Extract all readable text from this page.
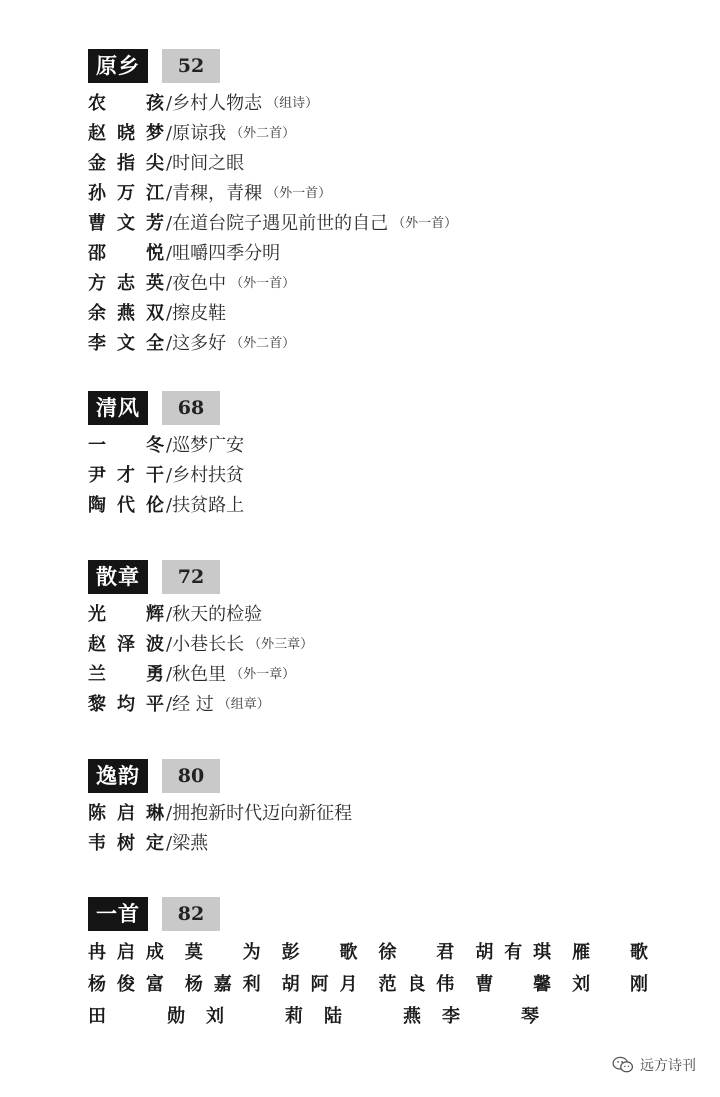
原乡	52
农孩 /乡村人物志 （组诗）
赵晓梦 /原谅我 （外二首）
金指尖 /时间之眼
孙万江 /青稞，青稞 （外一首）
曹文芳 /在道台院子遇见前世的自己 （外一首）
邵悦 /咀嚼四季分明
方志英 /夜色中 （外一首）
余燕双 /擦皮鞋
李文全 /这多好 （外二首）
清风	68
一冬 /巡梦广安
尹才干 /乡村扶贫
陶代伦 /扶贫路上
散章	72
光辉 /秋天的检验
赵泽波 /小巷长长 （外三章）
兰勇 /秋色里 （外一章）
黎均平 /经 过 （组章）
逸韵	80
陈启琳 /拥抱新时代迈向新征程
韦树定 /梁燕
一首	82
冉启成	莫为	彭歌	徐君	胡有琪	雁歌
杨俊富	杨嘉利	胡阿月	范良伟	曹馨	刘刚
田勋	刘莉	陆燕	李琴
远方诗刊
